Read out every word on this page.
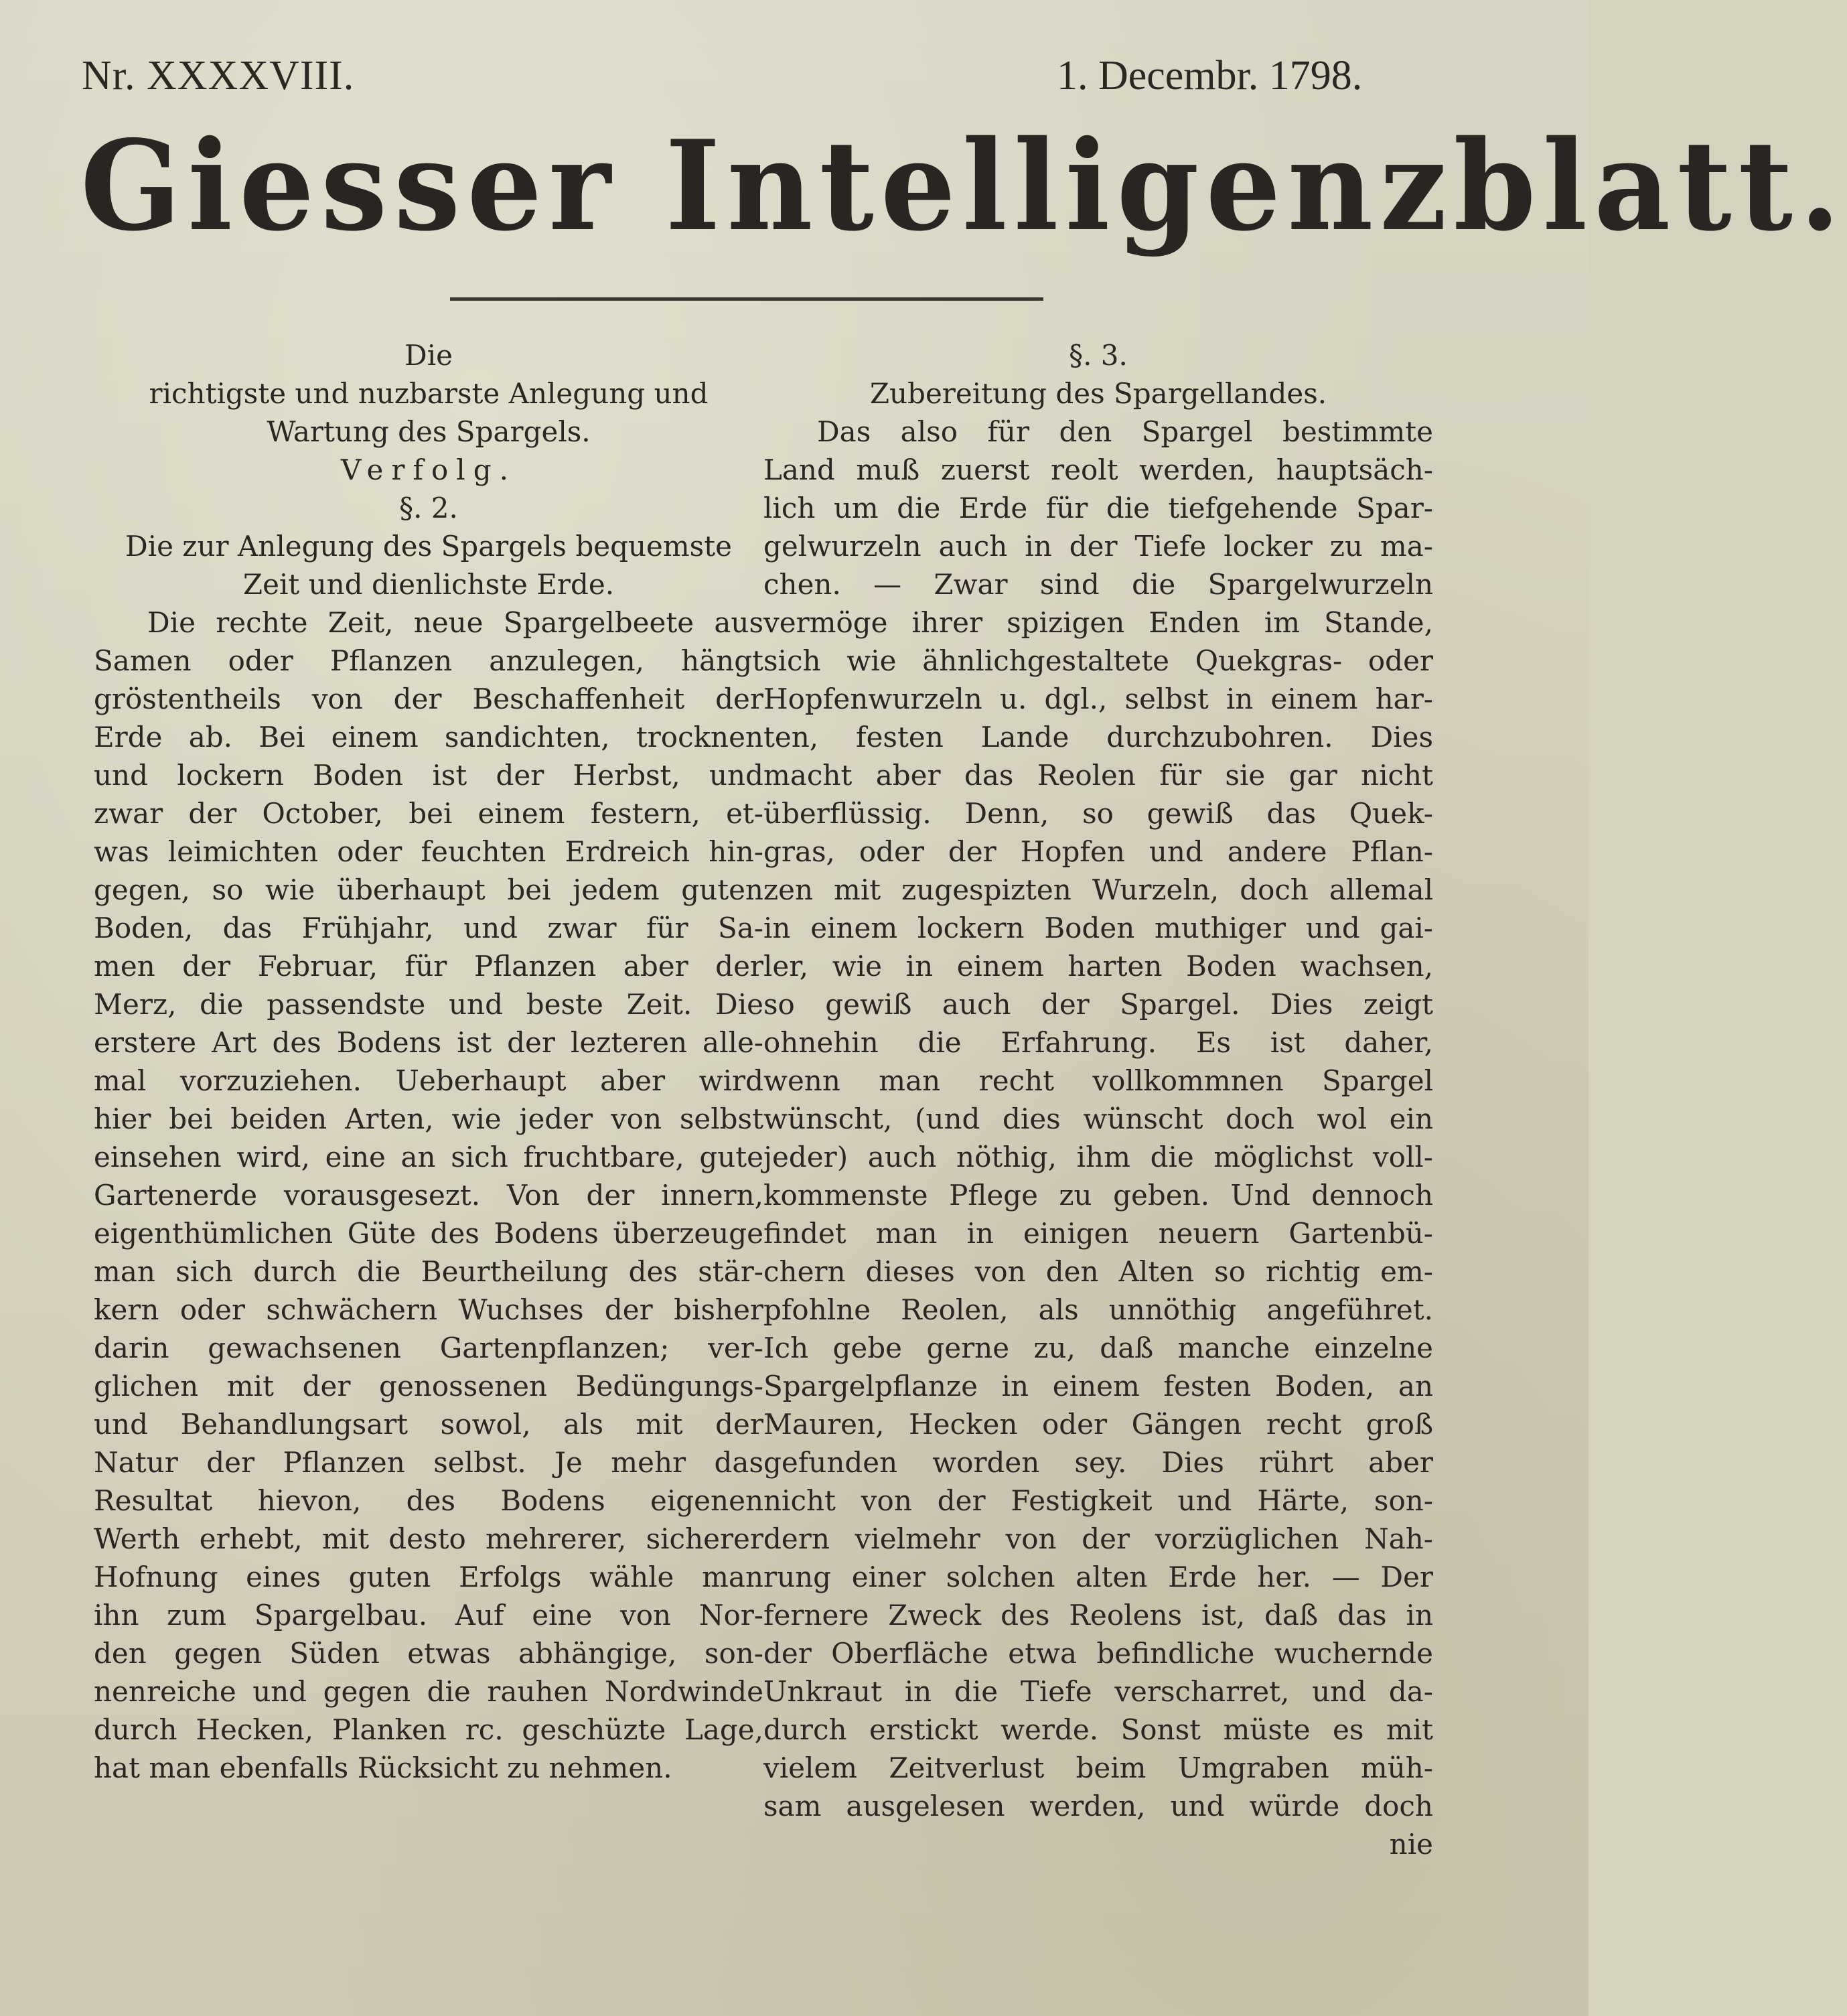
Nr. XXXXVIII.	1. Decembr. 1798.
Giesser Intelligenzblatt.
Die
richtigste und nuzbarste Anlegung und
Wartung des Spargels.
Verfolg.
§. 2.
Die zur Anlegung des Spargels bequemste
Zeit und dienlichste Erde.
Die rechte Zeit, neue Spargelbeete aus
Samen oder Pflanzen anzulegen, hängt
gröstentheils von der Beschaffenheit der
Erde ab. Bei einem sandichten, trocknen
und lockern Boden ist der Herbst, und
zwar der October, bei einem festern, et-
was leimichten oder feuchten Erdreich hin-
gegen, so wie überhaupt bei jedem guten
Boden, das Frühjahr, und zwar für Sa-
men der Februar, für Pflanzen aber der
Merz, die passendste und beste Zeit. Die
erstere Art des Bodens ist der lezteren alle-
mal vorzuziehen. Ueberhaupt aber wird
hier bei beiden Arten, wie jeder von selbst
einsehen wird, eine an sich fruchtbare, gute
Gartenerde vorausgesezt. Von der innern,
eigenthümlichen Güte des Bodens überzeuge
man sich durch die Beurtheilung des stär-
kern oder schwächern Wuchses der bisher
darin gewachsenen Gartenpflanzen; ver-
glichen mit der genossenen Bedüngungs-
und Behandlungsart sowol, als mit der
Natur der Pflanzen selbst. Je mehr das
Resultat hievon, des Bodens eigenen
Werth erhebt, mit desto mehrerer, sicherer
Hofnung eines guten Erfolgs wähle man
ihn zum Spargelbau. Auf eine von Nor-
den gegen Süden etwas abhängige, son-
nenreiche und gegen die rauhen Nordwinde
durch Hecken, Planken rc. geschüzte Lage,
hat man ebenfalls Rücksicht zu nehmen.
§. 3.
Zubereitung des Spargellandes.
Das also für den Spargel bestimmte
Land muß zuerst reolt werden, hauptsäch-
lich um die Erde für die tiefgehende Spar-
gelwurzeln auch in der Tiefe locker zu ma-
chen. — Zwar sind die Spargelwurzeln
vermöge ihrer spizigen Enden im Stande,
sich wie ähnlichgestaltete Quekgras- oder
Hopfenwurzeln u. dgl., selbst in einem har-
ten, festen Lande durchzubohren. Dies
macht aber das Reolen für sie gar nicht
überflüssig. Denn, so gewiß das Quek-
gras, oder der Hopfen und andere Pflan-
zen mit zugespizten Wurzeln, doch allemal
in einem lockern Boden muthiger und gai-
ler, wie in einem harten Boden wachsen,
so gewiß auch der Spargel. Dies zeigt
ohnehin die Erfahrung. Es ist daher,
wenn man recht vollkommnen Spargel
wünscht, (und dies wünscht doch wol ein
jeder) auch nöthig, ihm die möglichst voll-
kommenste Pflege zu geben. Und dennoch
findet man in einigen neuern Gartenbü-
chern dieses von den Alten so richtig em-
pfohlne Reolen, als unnöthig angeführet.
Ich gebe gerne zu, daß manche einzelne
Spargelpflanze in einem festen Boden, an
Mauren, Hecken oder Gängen recht groß
gefunden worden sey. Dies rührt aber
nicht von der Festigkeit und Härte, son-
dern vielmehr von der vorzüglichen Nah-
rung einer solchen alten Erde her. — Der
fernere Zweck des Reolens ist, daß das in
der Oberfläche etwa befindliche wuchernde
Unkraut in die Tiefe verscharret, und da-
durch erstickt werde. Sonst müste es mit
vielem Zeitverlust beim Umgraben müh-
sam ausgelesen werden, und würde doch
nie
